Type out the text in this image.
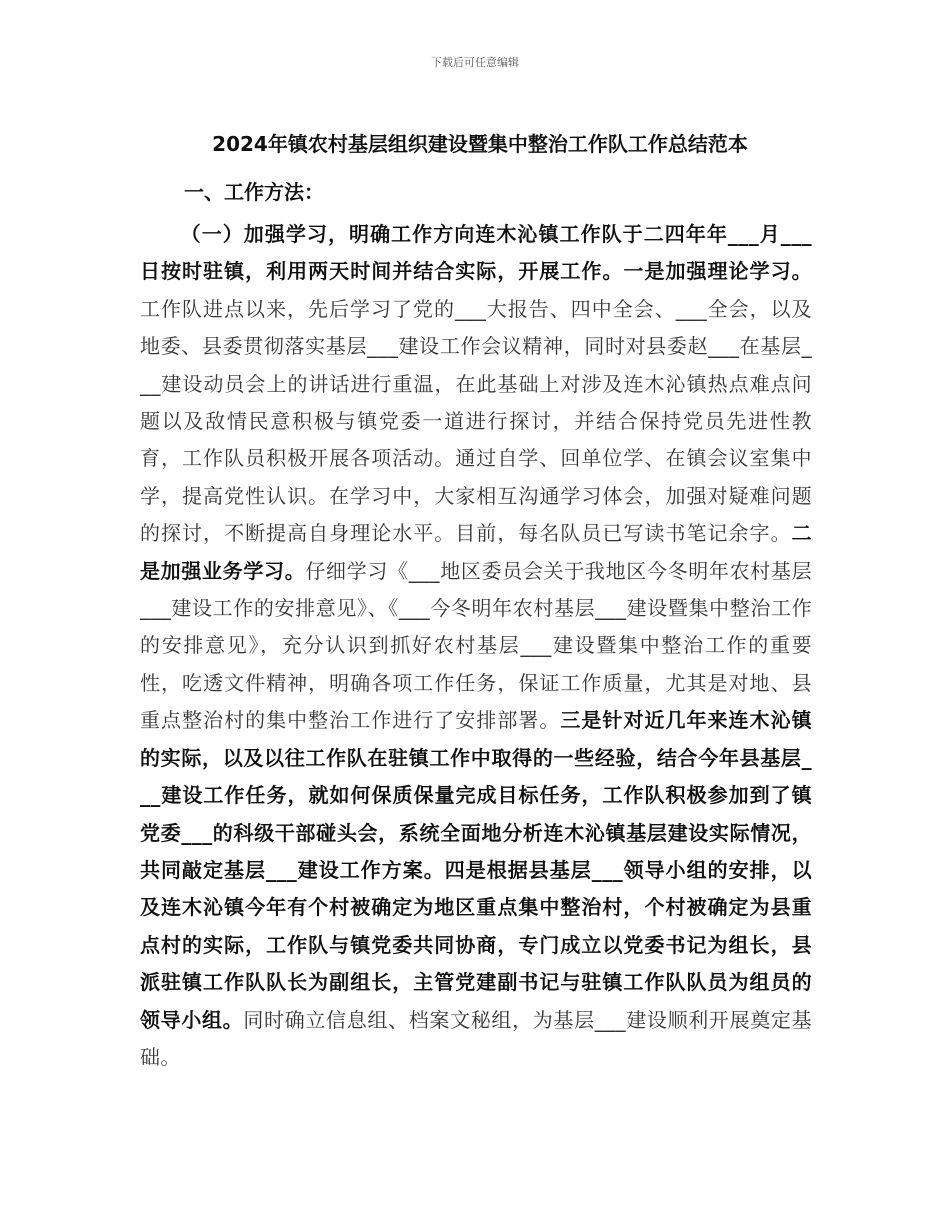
下载后可任意编辑
2024年镇农村基层组织建设暨集中整治工作队工作总结范本
一、工作方法：
（一）加强学习，明确工作方向连木沁镇工作队于二四年年___月___日按时驻镇，利用两天时间并结合实际，开展工作。一是加强理论学习。工作队进点以来，先后学习了党的___大报告、四中全会、___全会，以及地委、县委贯彻落实基层___建设工作会议精神，同时对县委赵___在基层___建设动员会上的讲话进行重温，在此基础上对涉及连木沁镇热点难点问题以及敌情民意积极与镇党委一道进行探讨，并结合保持党员先进性教育，工作队员积极开展各项活动。通过自学、回单位学、在镇会议室集中学，提高党性认识。在学习中，大家相互沟通学习体会，加强对疑难问题的探讨，不断提高自身理论水平。目前，每名队员已写读书笔记余字。二是加强业务学习。仔细学习《___地区委员会关于我地区今冬明年农村基层___建设工作的安排意见》、《___今冬明年农村基层___建设暨集中整治工作的安排意见》，充分认识到抓好农村基层___建设暨集中整治工作的重要性，吃透文件精神，明确各项工作任务，保证工作质量，尤其是对地、县重点整治村的集中整治工作进行了安排部署。三是针对近几年来连木沁镇的实际，以及以往工作队在驻镇工作中取得的一些经验，结合今年县基层___建设工作任务，就如何保质保量完成目标任务，工作队积极参加到了镇党委___的科级干部碰头会，系统全面地分析连木沁镇基层建设实际情况，共同敲定基层___建设工作方案。四是根据县基层___领导小组的安排，以及连木沁镇今年有个村被确定为地区重点集中整治村，个村被确定为县重点村的实际，工作队与镇党委共同协商，专门成立以党委书记为组长，县派驻镇工作队队长为副组长，主管党建副书记与驻镇工作队队员为组员的领导小组。同时确立信息组、档案文秘组，为基层___建设顺利开展奠定基础。
